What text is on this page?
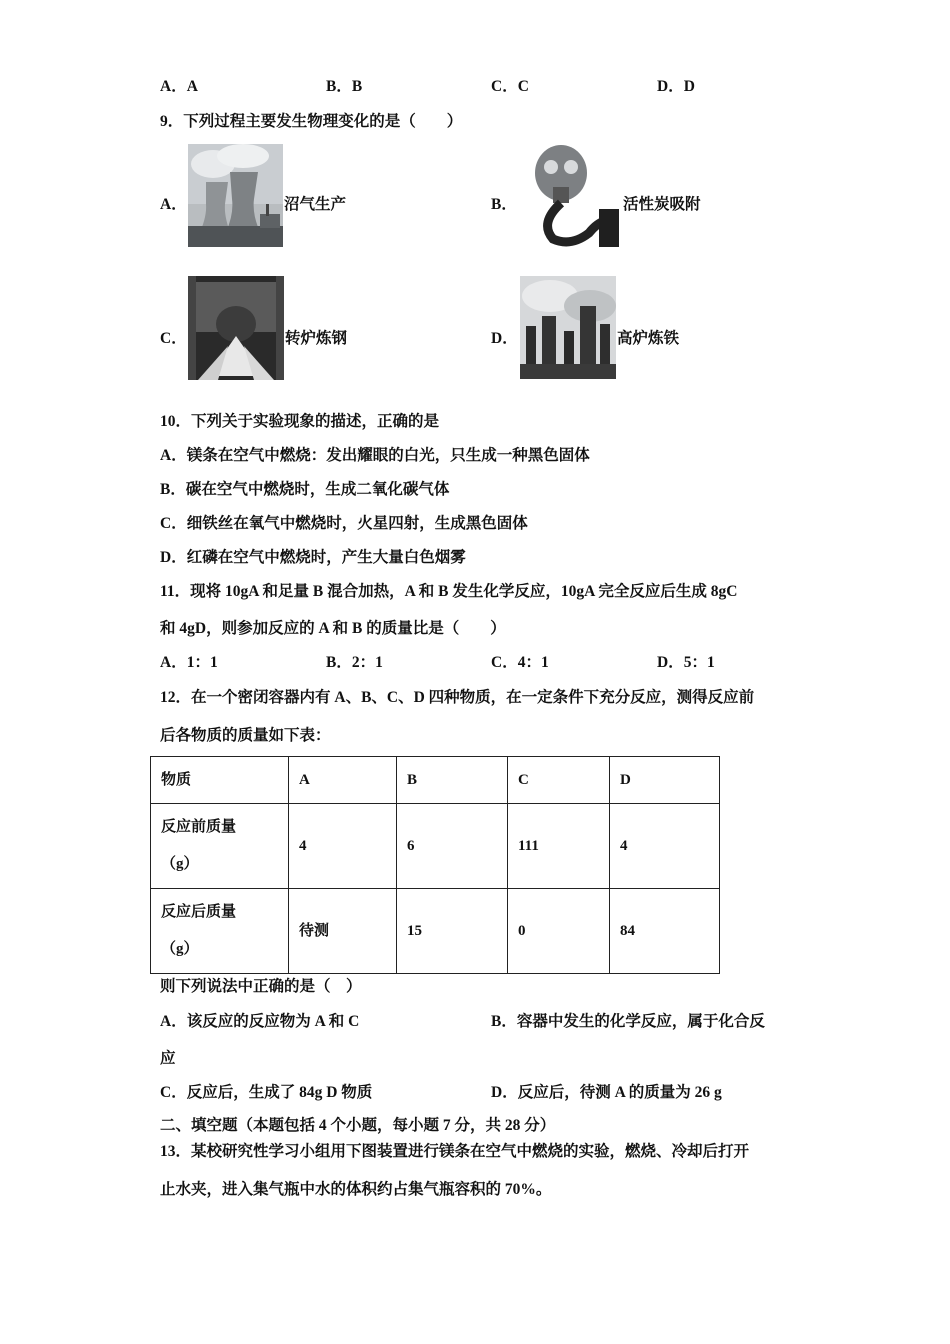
A．A	B．B	C．C	D．D
9．下列过程主要发生物理变化的是（　　）
A．	沼气生产	B．	活性炭吸附
C．	转炉炼钢	D．	高炉炼铁
10．下列关于实验现象的描述，正确的是
A．镁条在空气中燃烧：发出耀眼的白光，只生成一种黑色固体
B．碳在空气中燃烧时，生成二氧化碳气体
C．细铁丝在氧气中燃烧时，火星四射，生成黑色固体
D．红磷在空气中燃烧时，产生大量白色烟雾
11．现将 10gA 和足量 B 混合加热，A 和 B 发生化学反应，10gA 完全反应后生成 8gC
和 4gD，则参加反应的 A 和 B 的质量比是（　　）
A．1：1	B．2：1	C．4：1	D．5：1
12．在一个密闭容器内有 A、B、C、D 四种物质，在一定条件下充分反应，测得反应前
后各物质的质量如下表：
物质	A	B	C	D

反应前质量
（g）	4	6	111	4

反应后质量
（g）	待测	15	0	84
则下列说法中正确的是（　）
A．该反应的反应物为 A 和 C	B．容器中发生的化学反应，属于化合反
应
C．反应后，生成了 84g D 物质	D．反应后，待测 A 的质量为 26 g
二、填空题（本题包括 4 个小题，每小题 7 分，共 28 分）
13．某校研究性学习小组用下图装置进行镁条在空气中燃烧的实验，燃烧、冷却后打开
止水夹，进入集气瓶中水的体积约占集气瓶容积的 70%。
